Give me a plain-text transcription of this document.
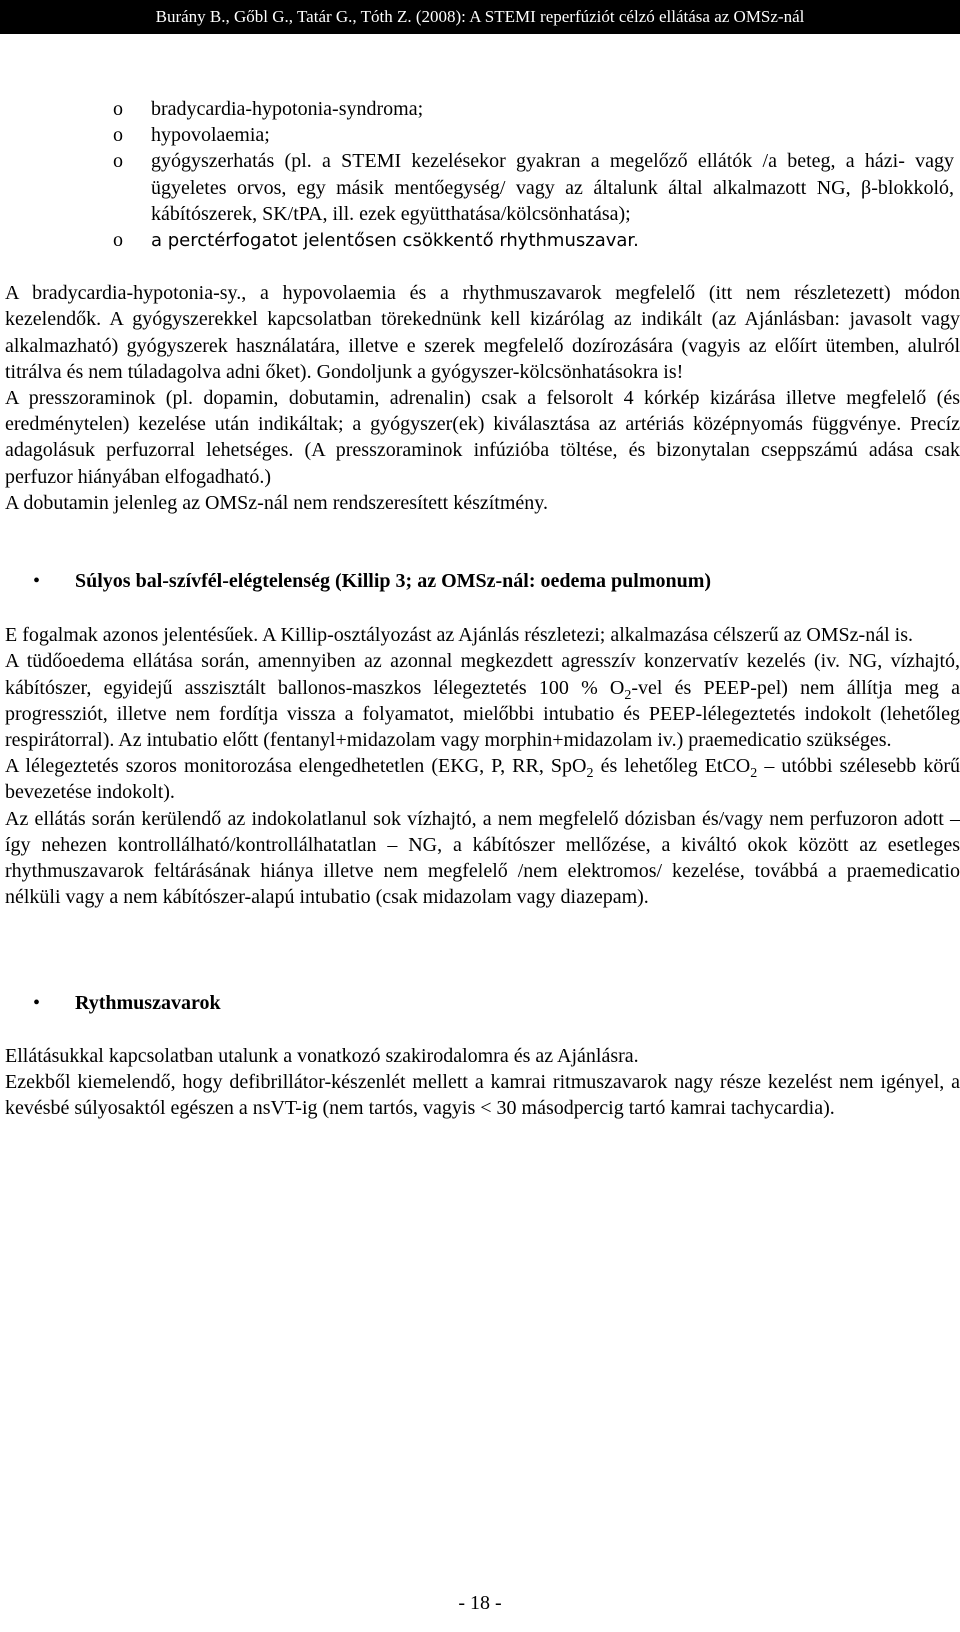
Burány B., Gőbl G., Tatár G., Tóth Z. (2008): A STEMI reperfúziót célzó ellátása az OMSz-nál
o bradycardia-hypotonia-syndroma;
o hypovolaemia;
o gyógyszerhatás (pl. a STEMI kezelésekor gyakran a megelőző ellátók /a beteg, a házi- vagy ügyeletes orvos, egy másik mentőegység/ vagy az általunk által alkalmazott NG, β-blokkoló, kábítószerek, SK/tPA, ill. ezek együtthatása/kölcsönhatása);
o a perctérfogatot jelentősen csökkentő rhythmuszavar.

A bradycardia-hypotonia-sy., a hypovolaemia és a rhythmuszavarok megfelelő (itt nem részletezett) módon kezelendők. A gyógyszerekkel kapcsolatban törekednünk kell kizárólag az indikált (az Ajánlásban: javasolt vagy alkalmazható) gyógyszerek használatára, illetve e szerek megfelelő dozírozására (vagyis az előírt ütemben, alulról titrálva és nem túladagolva adni őket). Gondoljunk a gyógyszer-kölcsönhatásokra is!

A presszoraminok (pl. dopamin, dobutamin, adrenalin) csak a felsorolt 4 kórkép kizárása illetve megfelelő (és eredménytelen) kezelése után indikáltak; a gyógyszer(ek) kiválasztása az artériás középnyomás függvénye. Precíz adagolásuk perfuzorral lehetséges. (A presszoraminok infúzióba töltése, és bizonytalan cseppszámú adása csak perfuzor hiányában elfogadható.)

A dobutamin jelenleg az OMSz-nál nem rendszeresített készítmény.

• Súlyos bal-szívfél-elégtelenség (Killip 3; az OMSz-nál: oedema pulmonum)

E fogalmak azonos jelentésűek. A Killip-osztályozást az Ajánlás részletezi; alkalmazása célszerű az OMSz-nál is.

A tüdőoedema ellátása során, amennyiben az azonnal megkezdett agresszív konzervatív kezelés (iv. NG, vízhajtó, kábítószer, egyidejű asszisztált ballonos-maszkos lélegeztetés 100 % $O_2$-vel és PEEP-pel) nem állítja meg a progressziót, illetve nem fordítja vissza a folyamatot, mielőbbi intubatio és PEEP-lélegeztetés indokolt (lehetőleg respirátorral). Az intubatio előtt (fentanyl+midazolam vagy morphin+midazolam iv.) praemedicatio szükséges.

A lélegeztetés szoros monitorozása elengedhetetlen (EKG, P, RR, SpO$_2$ és lehetőleg EtCO$_2$ – utóbbi szélesebb körű bevezetése indokolt).

Az ellátás során kerülendő az indokolatlanul sok vízhajtó, a nem megfelelő dózisban és/vagy nem perfuzoron adott – így nehezen kontrollálható/kontrollálhatatlan – NG, a kábítószer mellőzése, a kiváltó okok között az esetleges rhythmuszavarok feltárásának hiánya illetve nem megfelelő /nem elektromos/ kezelése, továbbá a praemedicatio nélküli vagy a nem kábítószer-alapú intubatio (csak midazolam vagy diazepam).

• Rythmuszavarok

Ellátásukkal kapcsolatban utalunk a vonatkozó szakirodalomra és az Ajánlásra.

Ezekből kiemelendő, hogy defibrillátor-készenlét mellett a kamrai ritmuszavarok nagy része kezelést nem igényel, a kevésbé súlyosaktól egészen a nsVT-ig (nem tartós, vagyis < 30 másodpercig tartó kamrai tachycardia).

- 18 -
